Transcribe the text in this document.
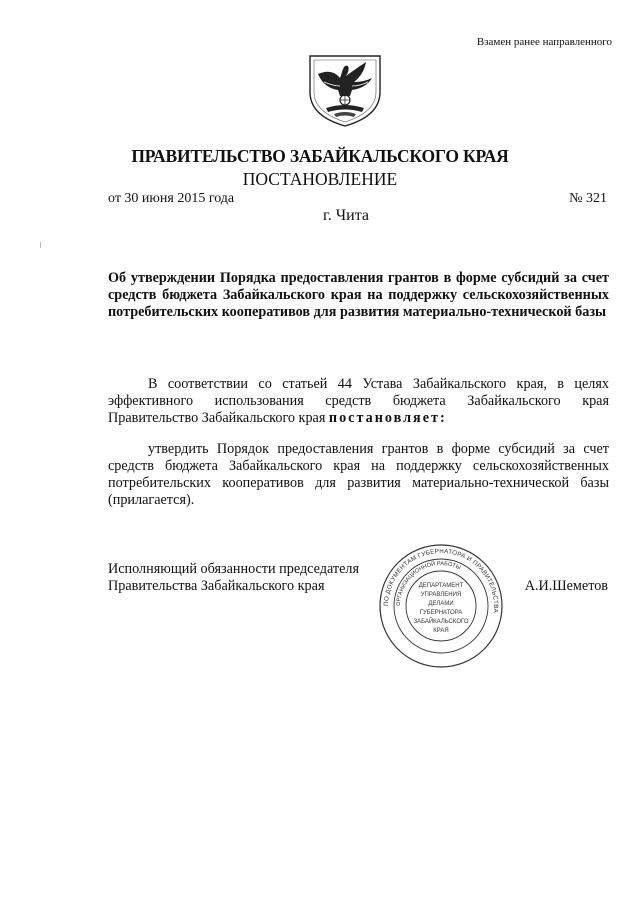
Взамен ранее направленного
ПРАВИТЕЛЬСТВО ЗАБАЙКАЛЬСКОГО КРАЯ
ПОСТАНОВЛЕНИЕ
от 30 июня 2015 года	№ 321
г. Чита
Об утверждении Порядка предоставления грантов в форме субсидий за счет средств бюджета Забайкальского края на поддержку сельскохозяйственных потребительских кооперативов для развития материально-технической базы
В соответствии со статьей 44 Устава Забайкальского края, в целях эффективного использования средств бюджета Забайкальского края Правительство Забайкальского края постановляет:
утвердить Порядок предоставления грантов в форме субсидий за счет средств бюджета Забайкальского края на поддержку сельскохозяйственных потребительских кооперативов для развития материально-технической базы (прилагается).
Исполняющий обязанности председателя
Правительства Забайкальского края
ПО ДОКУМЕНТАМ ГУБЕРНАТОРА И ПРАВИТЕЛЬСТВА
ОРГАНИЗАЦИОННОЙ РАБОТЫ
ДЕПАРТАМЕНТ
УПРАВЛЕНИЯ
ДЕЛАМИ
ГУБЕРНАТОРА
ЗАБАЙКАЛЬСКОГО
КРАЯ
А.И.Шеметов
